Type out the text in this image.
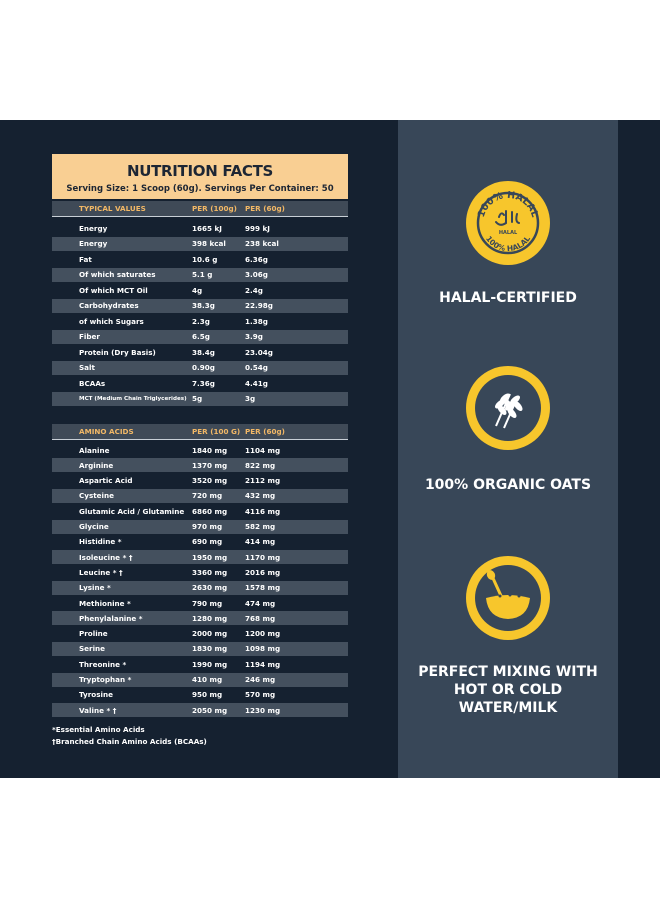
NUTRITION FACTS
Serving Size: 1 Scoop (60g). Servings Per Container: 50
TYPICAL VALUES	PER (100g)	PER (60g)
Energy	1665 kJ	999 kJ
Energy	398 kcal	238 kcal
Fat	10.6 g	6.36g
Of which saturates	5.1 g	3.06g
Of which MCT Oil	4g	2.4g
Carbohydrates	38.3g	22.98g
of which Sugars	2.3g	1.38g
Fiber	6.5g	3.9g
Protein (Dry Basis)	38.4g	23.04g
Salt	0.90g	0.54g
BCAAs	7.36g	4.41g
MCT (Medium Chain Triglycerides) 5g	3g
AMINO ACIDS	PER (100 G) PER (60g)
Alanine	1840 mg	1104 mg
Arginine	1370 mg	822 mg
Aspartic Acid	3520 mg	2112 mg
Cysteine	720 mg	432 mg
Glutamic Acid / Glutamine	6860 mg	4116 mg
Glycine	970 mg	582 mg
Histidine *	690 mg	414 mg
Isoleucine * †	1950 mg	1170 mg
Leucine * †	3360 mg	2016 mg
Lysine *	2630 mg	1578 mg
Methionine *	790 mg	474 mg
Phenylalanine *	1280 mg	768 mg
Proline	2000 mg	1200 mg
Serine	1830 mg	1098 mg
Threonine *	1990 mg	1194 mg
Tryptophan *	410 mg	246 mg
Tyrosine	950 mg	570 mg
Valine * †	2050 mg	1230 mg
*Essential Amino Acids
†Branched Chain Amino Acids (BCAAs)
100% HALAL
100% HALAL
HALAL
HALAL-CERTIFIED
100% ORGANIC OATS
PERFECT MIXING WITH
HOT OR COLD
WATER/MILK
